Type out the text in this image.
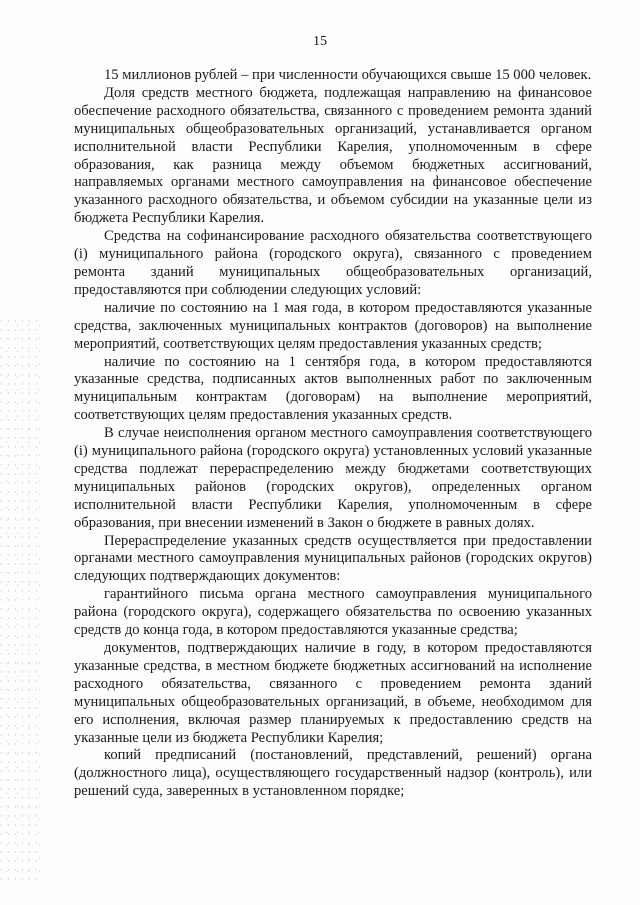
15

15 миллионов рублей – при численности обучающихся свыше 15 000 человек.

Доля средств местного бюджета, подлежащая направлению на финансовое обеспечение расходного обязательства, связанного с проведением ремонта зданий муниципальных общеобразовательных организаций, устанавливается органом исполнительной власти Республики Карелия, уполномоченным в сфере образования, как разница между объемом бюджетных ассигнований, направляемых органами местного самоуправления на финансовое обеспечение указанного расходного обязательства, и объемом субсидии на указанные цели из бюджета Республики Карелия.

Средства на софинансирование расходного обязательства соответствующего (i) муниципального района (городского округа), связанного с проведением ремонта зданий муниципальных общеобразовательных организаций, предоставляются при соблюдении следующих условий:

наличие по состоянию на 1 мая года, в котором предоставляются указанные средства, заключенных муниципальных контрактов (договоров) на выполнение мероприятий, соответствующих целям предоставления указанных средств;

наличие по состоянию на 1 сентября года, в котором предоставляются указанные средства, подписанных актов выполненных работ по заключенным муниципальным контрактам (договорам) на выполнение мероприятий, соответствующих целям предоставления указанных средств.

В случае неисполнения органом местного самоуправления соответствующего (i) муниципального района (городского округа) установленных условий указанные средства подлежат перераспределению между бюджетами соответствующих муниципальных районов (городских округов), определенных органом исполнительной власти Республики Карелия, уполномоченным в сфере образования, при внесении изменений в Закон о бюджете в равных долях.

Перераспределение указанных средств осуществляется при предоставлении органами местного самоуправления муниципальных районов (городских округов) следующих подтверждающих документов:

гарантийного письма органа местного самоуправления муниципального района (городского округа), содержащего обязательства по освоению указанных средств до конца года, в котором предоставляются указанные средства;

документов, подтверждающих наличие в году, в котором предоставляются указанные средства, в местном бюджете бюджетных ассигнований на исполнение расходного обязательства, связанного с проведением ремонта зданий муниципальных общеобразовательных организаций, в объеме, необходимом для его исполнения, включая размер планируемых к предоставлению средств на указанные цели из бюджета Республики Карелия;

копий предписаний (постановлений, представлений, решений) органа (должностного лица), осуществляющего государственный надзор (контроль), или решений суда, заверенных в установленном порядке;
